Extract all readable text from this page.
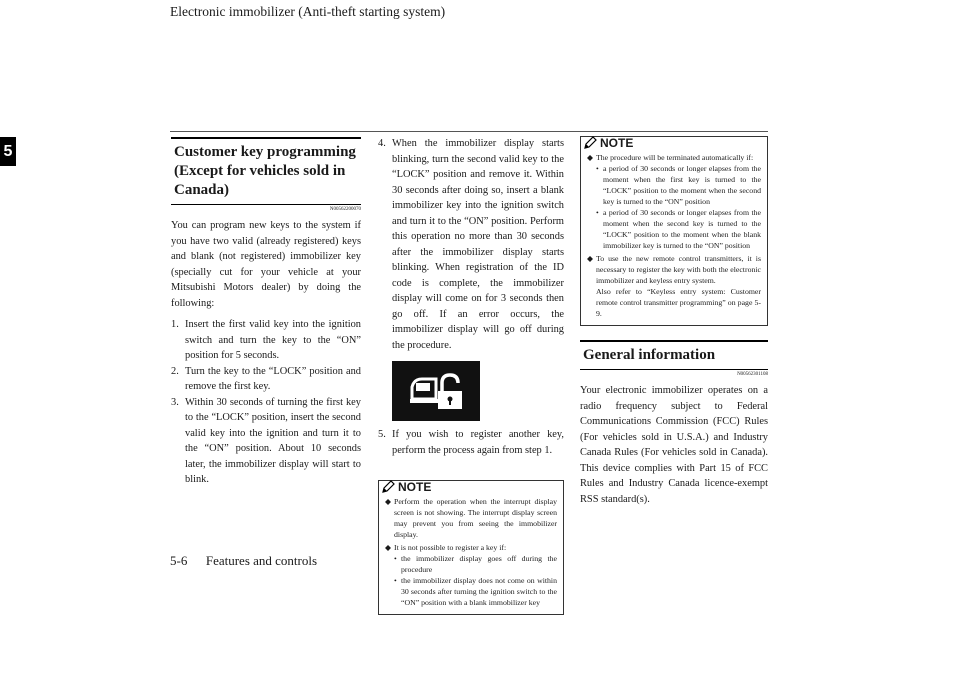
Electronic immobilizer (Anti-theft starting system)
5	Customer key programming (Except for vehicles sold in Canada)
N00562200070

You can program new keys to the system if you have two valid (already registered) keys and blank (not registered) immobilizer key (specially cut for your vehicle at your Mitsubishi Motors dealer) by doing the following:

1. Insert the first valid key into the ignition switch and turn the key to the “ON” position for 5 seconds.
2. Turn the key to the “LOCK” position and remove the first key.
3. Within 30 seconds of turning the first key to the “LOCK” position, insert the second valid key into the ignition and turn it to the “ON” position. About 10 seconds later, the immobilizer display will start to blink.
4. When the immobilizer display starts blinking, turn the second valid key to the “LOCK” position and remove it. Within 30 seconds after doing so, insert a blank immobilizer key into the ignition switch and turn it to the “ON” position. Perform this operation no more than 30 seconds after the immobilizer display starts blinking. When registration of the ID code is complete, the immobilizer display will come on for 3 seconds then go off. If an error occurs, the immobilizer display will go off during the procedure.
5. If you wish to register another key, perform the process again from step 1.
NOTE
◆ Perform the operation when the interrupt display screen is not showing. The interrupt display screen may prevent you from seeing the immobilizer display.
◆ It is not possible to register a key if:
• the immobilizer display goes off during the procedure
• the immobilizer display does not come on within 30 seconds after turning the ignition switch to the “ON” position with a blank immobilizer key
NOTE
◆ The procedure will be terminated automatically if:
• a period of 30 seconds or longer elapses from the moment when the first key is turned to the “LOCK” position to the moment when the second key is turned to the “ON” position
• a period of 30 seconds or longer elapses from the moment when the second key is turned to the “LOCK” position to the moment when the blank immobilizer key is turned to the “ON” position
◆ To use the new remote control transmitters, it is necessary to register the key with both the electronic immobilizer and keyless entry system.
Also refer to “Keyless entry system: Customer remote control transmitter programming” on page 5-9.
General information
N00562301108

Your electronic immobilizer operates on a radio frequency subject to Federal Communications Commission (FCC) Rules (For vehicles sold in U.S.A.) and Industry Canada Rules (For vehicles sold in Canada). This device complies with Part 15 of FCC Rules and Industry Canada licence-exempt RSS standard(s).

5-6 Features and controls
